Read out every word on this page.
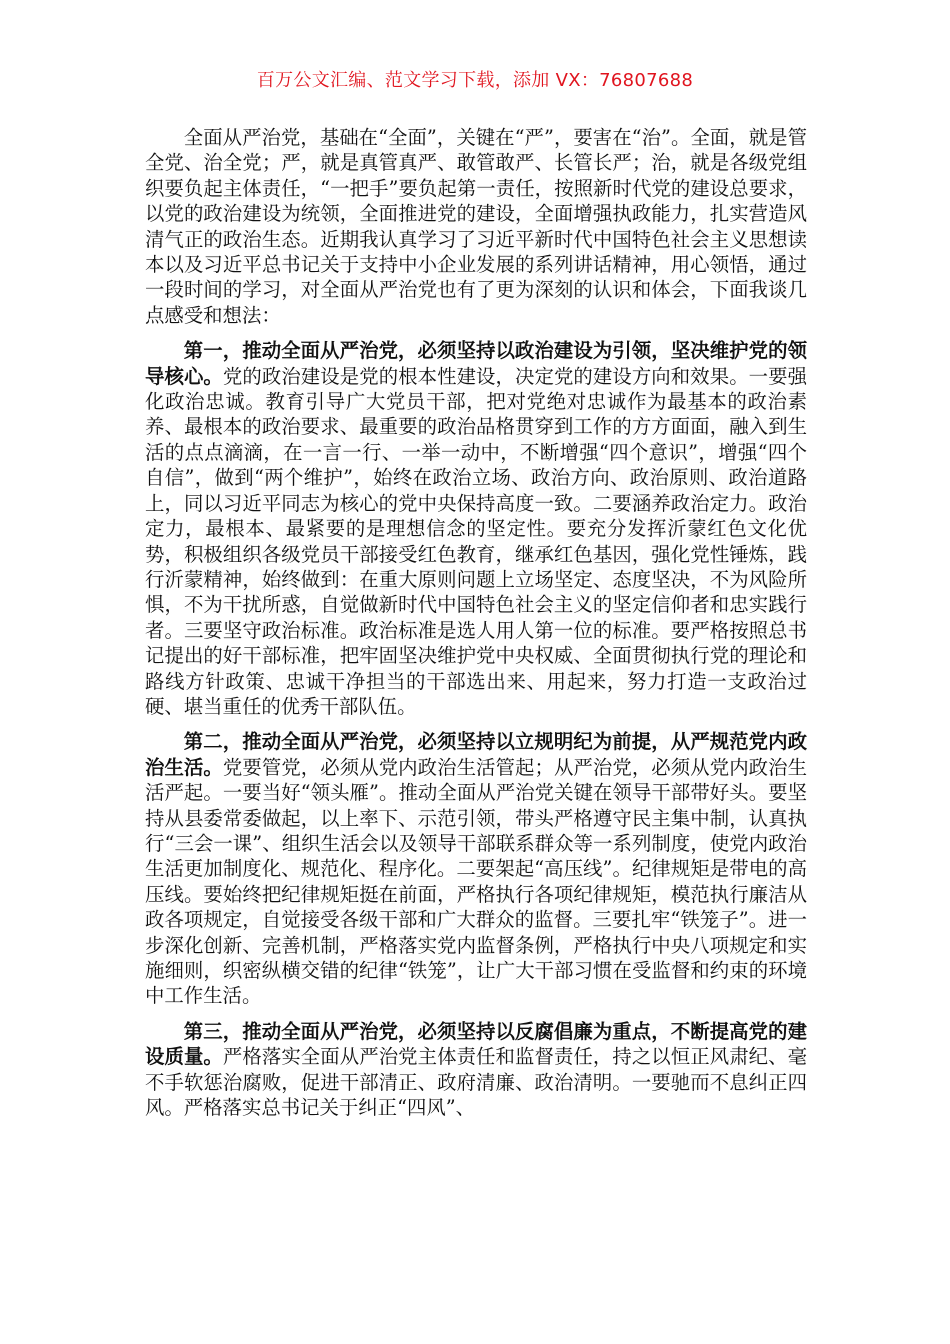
百万公文汇编、范文学习下载，添加 VX：76807688

全面从严治党，基础在“全面”，关键在“严”，要害在“治”。全面，就是管全党、治全党；严，就是真管真严、敢管敢严、长管长严；治，就是各级党组织要负起主体责任，“一把手”要负起第一责任，按照新时代党的建设总要求，以党的政治建设为统领，全面推进党的建设，全面增强执政能力，扎实营造风清气正的政治生态。近期我认真学习了习近平新时代中国特色社会主义思想读本以及习近平总书记关于支持中小企业发展的系列讲话精神，用心领悟，通过一段时间的学习，对全面从严治党也有了更为深刻的认识和体会，下面我谈几点感受和想法：

第一，推动全面从严治党，必须坚持以政治建设为引领，坚决维护党的领导核心。党的政治建设是党的根本性建设，决定党的建设方向和效果。一要强化政治忠诚。教育引导广大党员干部，把对党绝对忠诚作为最基本的政治素养、最根本的政治要求、最重要的政治品格贯穿到工作的方方面面，融入到生活的点点滴滴，在一言一行、一举一动中，不断增强“四个意识”，增强“四个自信”，做到“两个维护”，始终在政治立场、政治方向、政治原则、政治道路上，同以习近平同志为核心的党中央保持高度一致。二要涵养政治定力。政治定力，最根本、最紧要的是理想信念的坚定性。要充分发挥沂蒙红色文化优势，积极组织各级党员干部接受红色教育，继承红色基因，强化党性锤炼，践行沂蒙精神，始终做到：在重大原则问题上立场坚定、态度坚决，不为风险所惧，不为干扰所惑，自觉做新时代中国特色社会主义的坚定信仰者和忠实践行者。三要坚守政治标准。政治标准是选人用人第一位的标准。要严格按照总书记提出的好干部标准，把牢固坚决维护党中央权威、全面贯彻执行党的理论和路线方针政策、忠诚干净担当的干部选出来、用起来，努力打造一支政治过硬、堪当重任的优秀干部队伍。

第二，推动全面从严治党，必须坚持以立规明纪为前提，从严规范党内政治生活。党要管党，必须从党内政治生活管起；从严治党，必须从党内政治生活严起。一要当好“领头雁”。推动全面从严治党关键在领导干部带好头。要坚持从县委常委做起，以上率下、示范引领，带头严格遵守民主集中制，认真执行“三会一课”、组织生活会以及领导干部联系群众等一系列制度，使党内政治生活更加制度化、规范化、程序化。二要架起“高压线”。纪律规矩是带电的高压线。要始终把纪律规矩挺在前面，严格执行各项纪律规矩，模范执行廉洁从政各项规定，自觉接受各级干部和广大群众的监督。三要扎牢“铁笼子”。进一步深化创新、完善机制，严格落实党内监督条例，严格执行中央八项规定和实施细则，织密纵横交错的纪律“铁笼”，让广大干部习惯在受监督和约束的环境中工作生活。

第三，推动全面从严治党，必须坚持以反腐倡廉为重点，不断提高党的建设质量。严格落实全面从严治党主体责任和监督责任，持之以恒正风肃纪、毫不手软惩治腐败，促进干部清正、政府清廉、政治清明。一要驰而不息纠正四风。严格落实总书记关于纠正“四风”、
